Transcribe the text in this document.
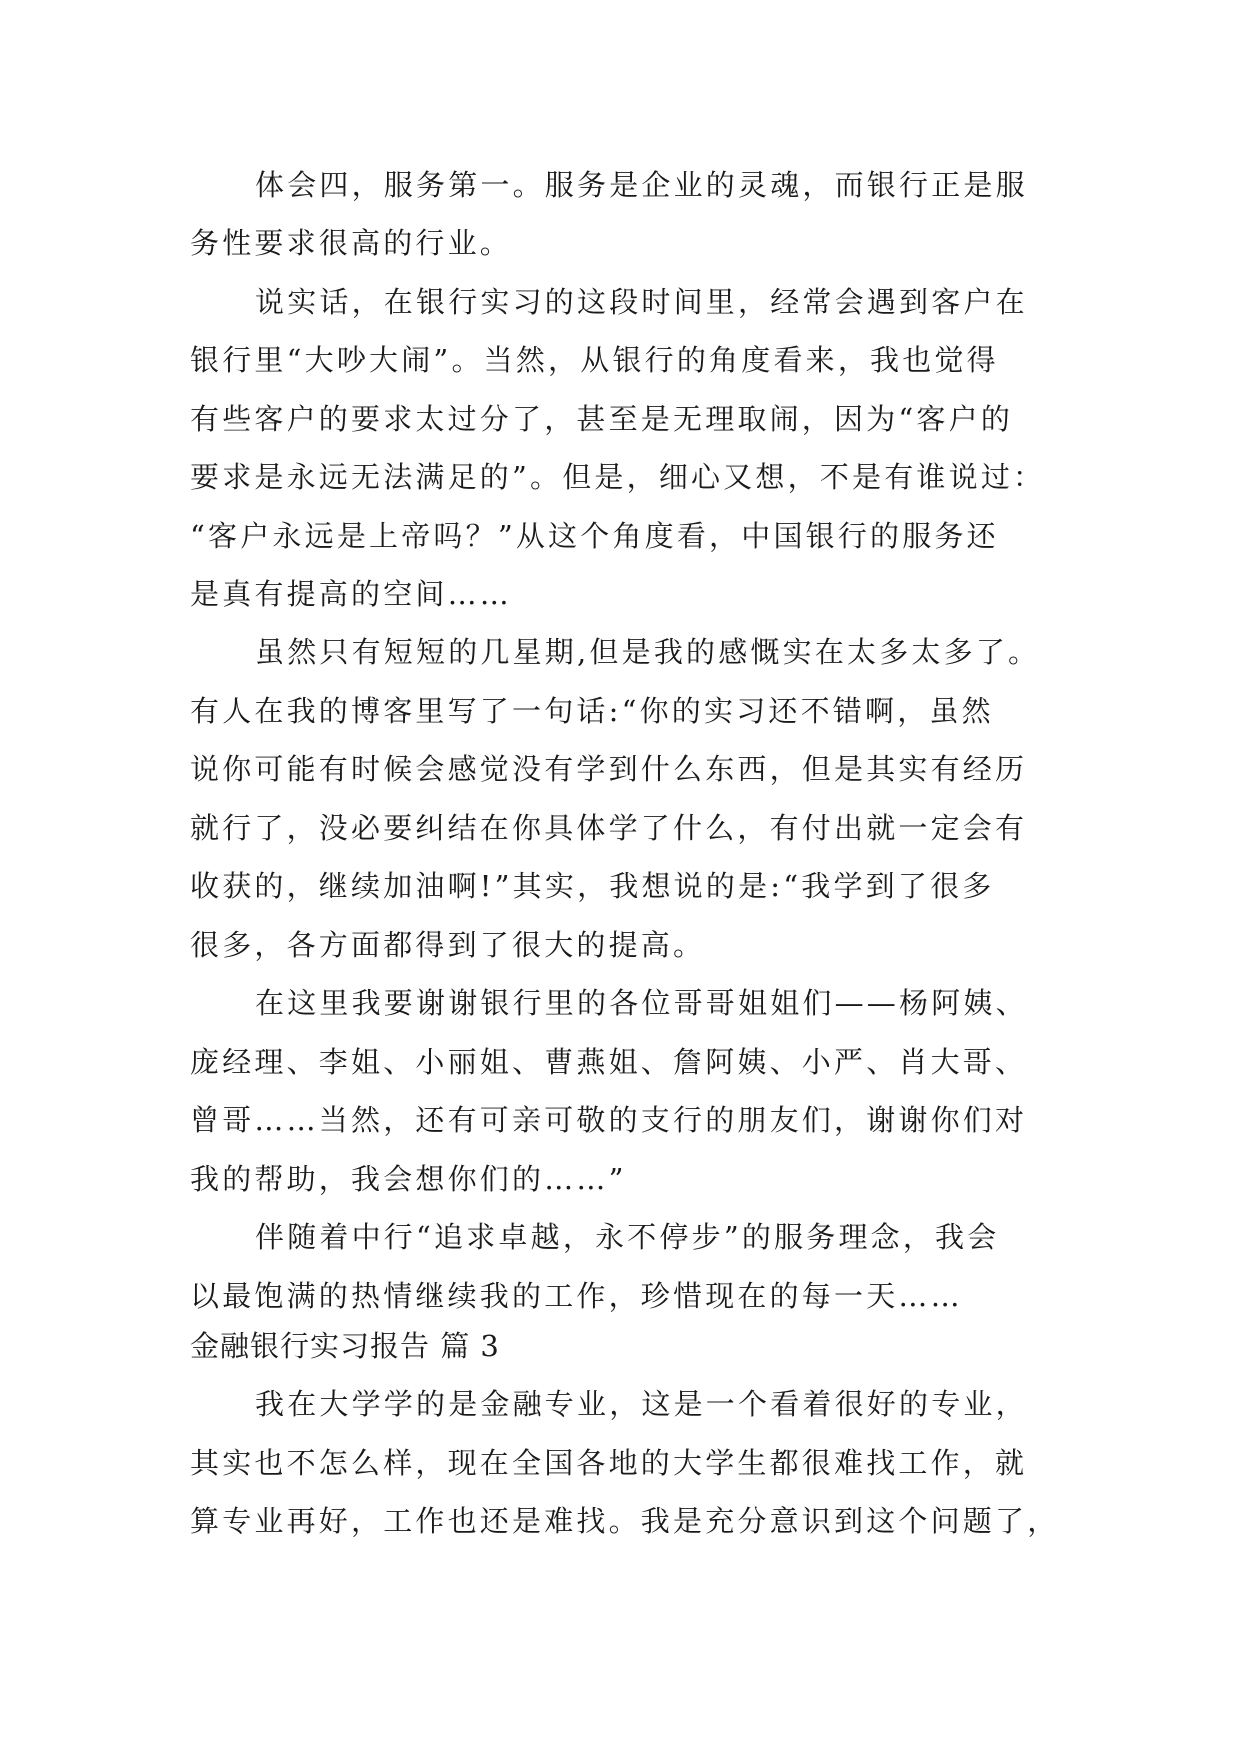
体会四，服务第一。服务是企业的灵魂，而银行正是服
务性要求很高的行业。
说实话，在银行实习的这段时间里，经常会遇到客户在
银行里“大吵大闹”。当然，从银行的角度看来，我也觉得
有些客户的要求太过分了，甚至是无理取闹，因为“客户的
要求是永远无法满足的”。但是，细心又想，不是有谁说过：
“客户永远是上帝吗？”从这个角度看，中国银行的服务还
是真有提高的空间……
虽然只有短短的几星期,但是我的感慨实在太多太多了。
有人在我的博客里写了一句话:“你的实习还不错啊，虽然
说你可能有时候会感觉没有学到什么东西，但是其实有经历
就行了，没必要纠结在你具体学了什么，有付出就一定会有
收获的，继续加油啊!”其实，我想说的是:“我学到了很多
很多，各方面都得到了很大的提高。
在这里我要谢谢银行里的各位哥哥姐姐们——杨阿姨、
庞经理、李姐、小丽姐、曹燕姐、詹阿姨、小严、肖大哥、
曾哥……当然，还有可亲可敬的支行的朋友们，谢谢你们对
我的帮助，我会想你们的……”
伴随着中行“追求卓越，永不停步”的服务理念，我会
以最饱满的热情继续我的工作，珍惜现在的每一天……
金融银行实习报告 篇 3
我在大学学的是金融专业，这是一个看着很好的专业，
其实也不怎么样，现在全国各地的大学生都很难找工作，就
算专业再好，工作也还是难找。我是充分意识到这个问题了，
